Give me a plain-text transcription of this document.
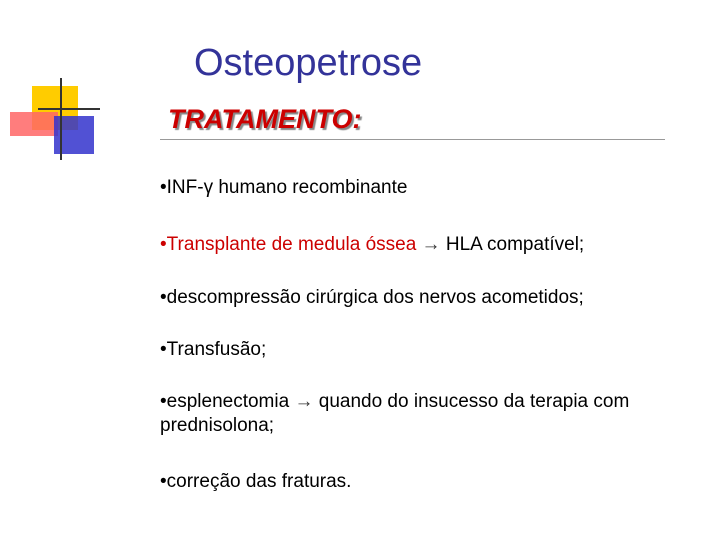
Osteopetrose
TRATAMENTO:

•INF-γ humano recombinante

•Transplante de medula óssea → HLA compatível;

•descompressão cirúrgica dos nervos acometidos;

•Transfusão;

•esplenectomia → quando do insucesso da terapia com prednisolona;

•correção das fraturas.
